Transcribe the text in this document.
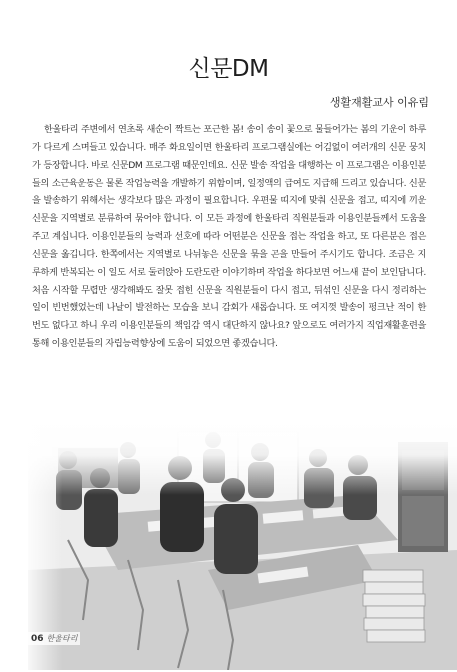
신문DM
생활재활교사 이유림

한울타리 주변에서 연초록 새순이 짝트는 포근한 봄! 송이 송이 꽃으로 물들어가는 봄의 기운이 하루가 다르게 스며들고 있습니다. 매주 화요일이면 한울타리 프로그램실에는 어김없이 여러개의 신문 뭉치가 등장합니다. 바로 신문DM 프로그램 때문인데요. 신문 발송 작업을 대행하는 이 프로그램은 이용인분들의 소근육운동은 물론 작업능력을 개발하기 위함이며, 일정액의 급여도 지급해 드리고 있습니다. 신문을 발송하기 위해서는 생각보다 많은 과정이 필요합니다. 우편물 띠지에 맞춰 신문을 접고, 띠지에 끼운 신문을 지역별로 분류하여 묶어야 합니다. 이 모든 과정에 한울타리 직원분들과 이용인분들께서 도움을 주고 계십니다. 이용인분들의 능력과 선호에 따라 어떤분은 신문을 접는 작업을 하고, 또 다른분은 접은 신문을 옮깁니다. 한쪽에서는 지역별로 나뉘놓은 신문을 묶을 곤을 만들어 주시기도 합니다. 조금은 지루하게 반복되는 이 일도 서로 둘러앉아 도란도란 이야기하며 작업을 하다보면 어느새 끝이 보인답니다. 처음 시작할 무렵만 생각해봐도 잘못 접힌 신문을 직원분들이 다시 접고, 뒤섞인 신문을 다시 정리하는 일이 빈번했었는데 나날이 발전하는 모습을 보니 감회가 새롭습니다. 또 여지껏 발송이 펑크난 적이 한번도 없다고 하니 우리 이용인분들의 책임감 역시 대단하지 않나요? 앞으로도 여러가지 직업재활훈련을 통해 이용인분들의 자립능력향상에 도움이 되었으면 좋겠습니다.

06 한울타리
